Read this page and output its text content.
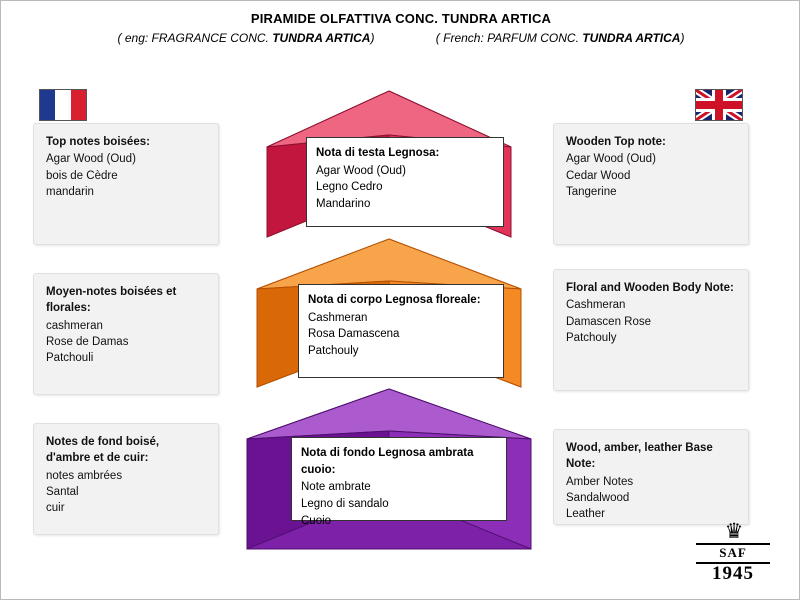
PIRAMIDE OLFATTIVA CONC. TUNDRA ARTICA
( eng: FRAGRANCE CONC. TUNDRA ARTICA)	( French: PARFUM CONC. TUNDRA ARTICA)
Top notes boisées:
Agar Wood (Oud)
bois de Cèdre
mandarin
Moyen-notes boisées et florales:
cashmeran
Rose de Damas
Patchouli
Notes de fond boisé, d'ambre et de cuir:
notes ambrées
Santal
cuir
Wooden Top note:
Agar Wood (Oud)
Cedar Wood
Tangerine
Floral and Wooden Body Note:
Cashmeran
Damascen Rose
Patchouly
Wood, amber, leather Base Note:
Amber Notes
Sandalwood
Leather
Nota di testa Legnosa:
Agar Wood (Oud)
Legno Cedro
Mandarino
Nota di corpo Legnosa floreale:
Cashmeran
Rosa Damascena
Patchouly
Nota di fondo Legnosa ambrata cuoio:
Note ambrate
Legno di sandalo
Cuoio	♛
SAF
1945
